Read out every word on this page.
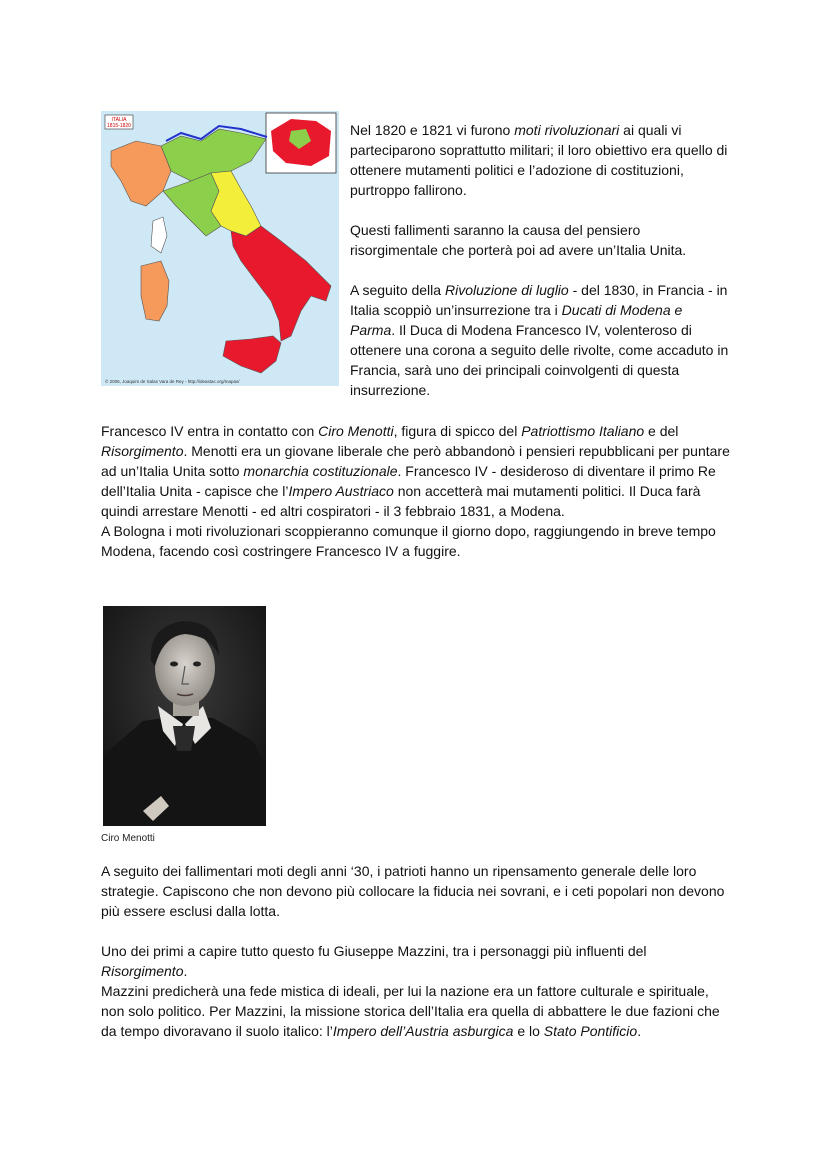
ITALIA
1815-1820
© 2006, Joaquim de Salas Vara de Rey - http://ideastac.org/mapas/

Nel 1820 e 1821 vi furono moti rivoluzionari ai quali vi parteciparono soprattutto militari; il loro obiettivo era quello di ottenere mutamenti politici e l’adozione di costituzioni, purtroppo fallirono.

Questi fallimenti saranno la causa del pensiero risorgimentale che porterà poi ad avere un’Italia Unita.

A seguito della Rivoluzione di luglio - del 1830, in Francia - in Italia scoppiò un’insurrezione tra i Ducati di Modena e Parma. Il Duca di Modena Francesco IV, volenteroso di ottenere una corona a seguito delle rivolte, come accaduto in Francia, sarà uno dei principali coinvolgenti di questa insurrezione.

Francesco IV entra in contatto con Ciro Menotti, figura di spicco del Patriottismo Italiano e del Risorgimento. Menotti era un giovane liberale che però abbandonò i pensieri repubblicani per puntare ad un’Italia Unita sotto monarchia costituzionale. Francesco IV - desideroso di diventare il primo Re dell’Italia Unita - capisce che l’Impero Austriaco non accetterà mai mutamenti politici. Il Duca farà quindi arrestare Menotti - ed altri cospiratori - il 3 febbraio 1831, a Modena.

A Bologna i moti rivoluzionari scoppieranno comunque il giorno dopo, raggiungendo in breve tempo Modena, facendo così costringere Francesco IV a fuggire.

Ciro Menotti

A seguito dei fallimentari moti degli anni ‘30, i patrioti hanno un ripensamento generale delle loro strategie. Capiscono che non devono più collocare la fiducia nei sovrani, e i ceti popolari non devono più essere esclusi dalla lotta.

Uno dei primi a capire tutto questo fu Giuseppe Mazzini, tra i personaggi più influenti del Risorgimento.

Mazzini predicherà una fede mistica di ideali, per lui la nazione era un fattore culturale e spirituale, non solo politico. Per Mazzini, la missione storica dell’Italia era quella di abbattere le due fazioni che da tempo divoravano il suolo italico: l’Impero dell’Austria asburgica e lo Stato Pontificio.
